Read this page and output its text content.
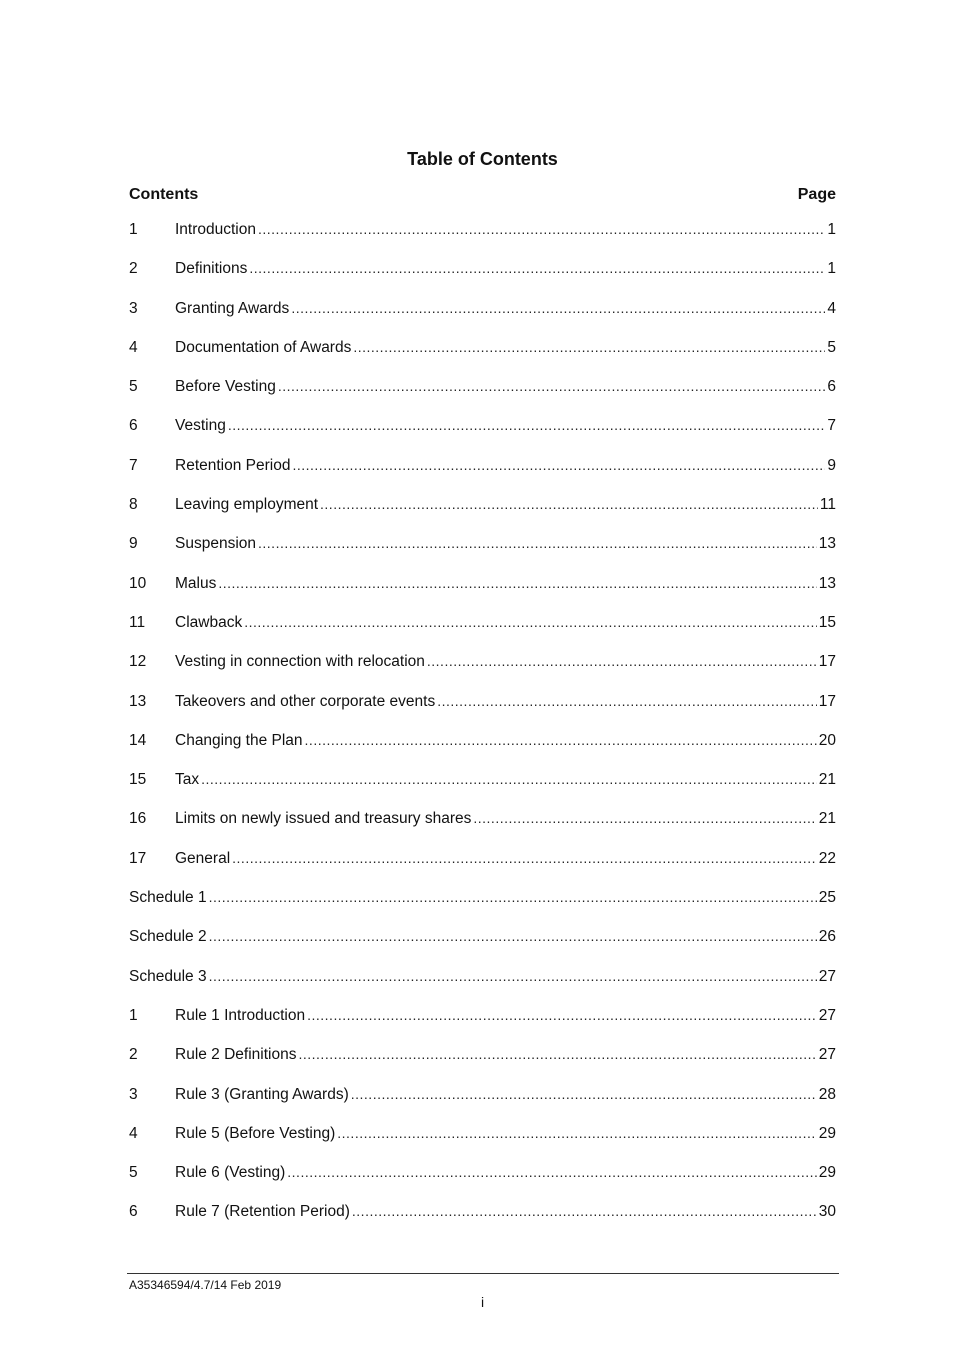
Table of Contents
Contents	Page
1	Introduction .....	1
2	Definitions .....	1
3	Granting Awards .....	4
4	Documentation of Awards .....	5
5	Before Vesting .....	6
6	Vesting .....	7
7	Retention Period .....	9
8	Leaving employment .....	11
9	Suspension .....	13
10	Malus .....	13
11	Clawback .....	15
12	Vesting in connection with relocation .....	17
13	Takeovers and other corporate events .....	17
14	Changing the Plan .....	20
15	Tax .....	21
16	Limits on newly issued and treasury shares .....	21
17	General .....	22
Schedule 1 .....	25
Schedule 2 .....	26
Schedule 3 .....	27
1	Rule 1 Introduction .....	27
2	Rule 2 Definitions .....	27
3	Rule 3 (Granting Awards) .....	28
4	Rule 5 (Before Vesting) .....	29
5	Rule 6 (Vesting) .....	29
6	Rule 7 (Retention Period) .....	30
A35346594/4.7/14 Feb 2019
i
